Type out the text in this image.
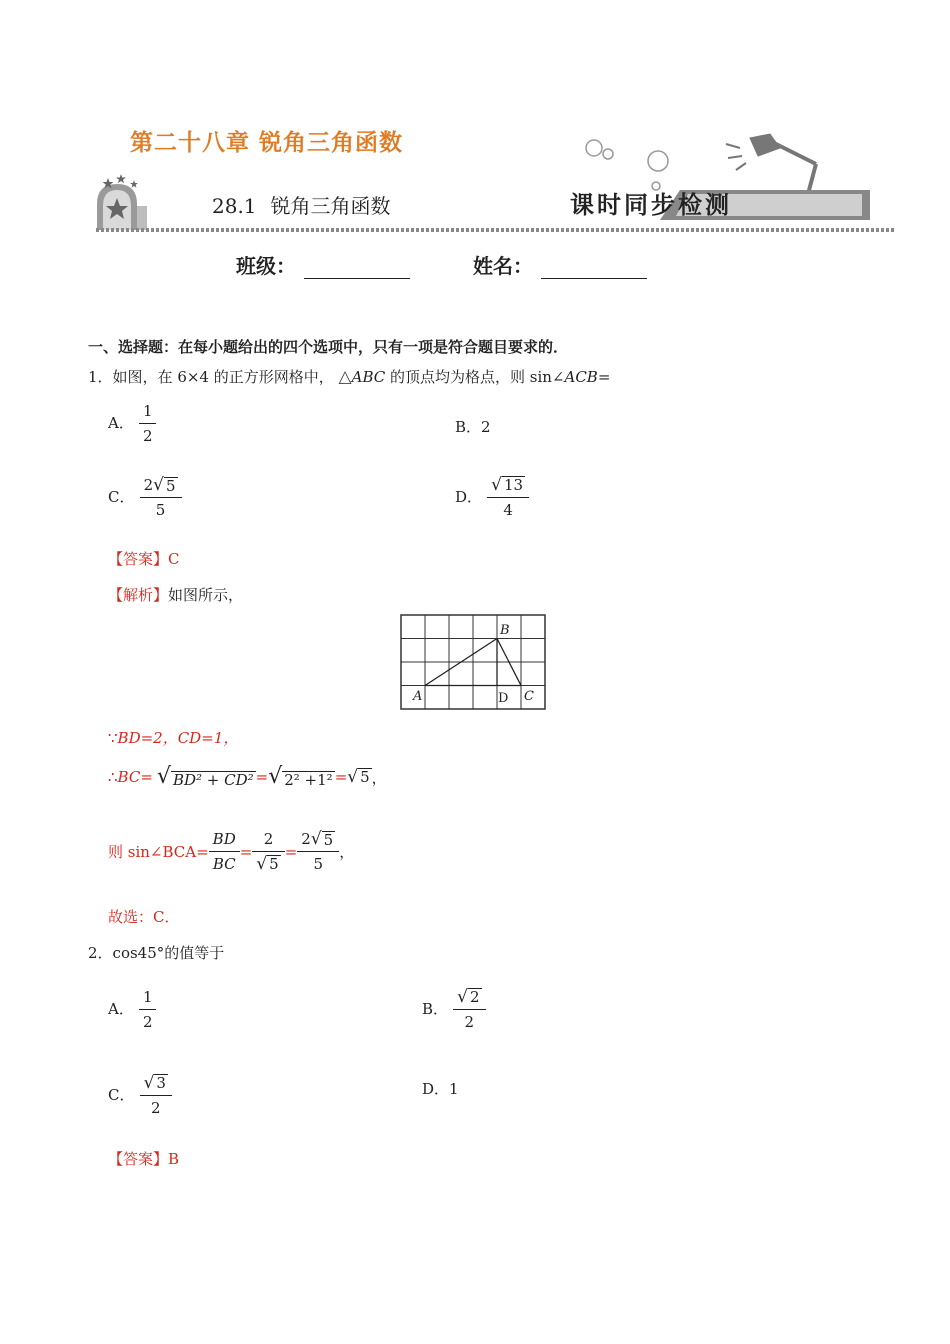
第二十八章 锐角三角函数
28.1 锐角三角函数	课时同步检测
班级：	姓名：
一、选择题：在每小题给出的四个选项中，只有一项是符合题目要求的．
1．如图，在 6×4 的正方形网格中， △ABC 的顶点均为格点，则 sin∠ACB=
A． $\frac{1}{2}$	B．2
C． $\frac{2 √ 5}{5}$	D． $\frac{√ 13}{4}$
【答案】C
【解析】如图所示，
A
B
C
D
∵BD=2，CD=1，
∴ BC= √ BD² + CD² = √ 2² +1² = √ 5 ，
则 sin∠BCA= $\frac{BD}{BC} = \frac{2}{√ 5} = \frac{2 √ 5}{5}$ ，
故选：C．
2．cos45°的值等于
A． $\frac{1}{2}$	B． $\frac{√ 2}{2}$
C． $\frac{√ 3}{2}$	D．1
【答案】B
